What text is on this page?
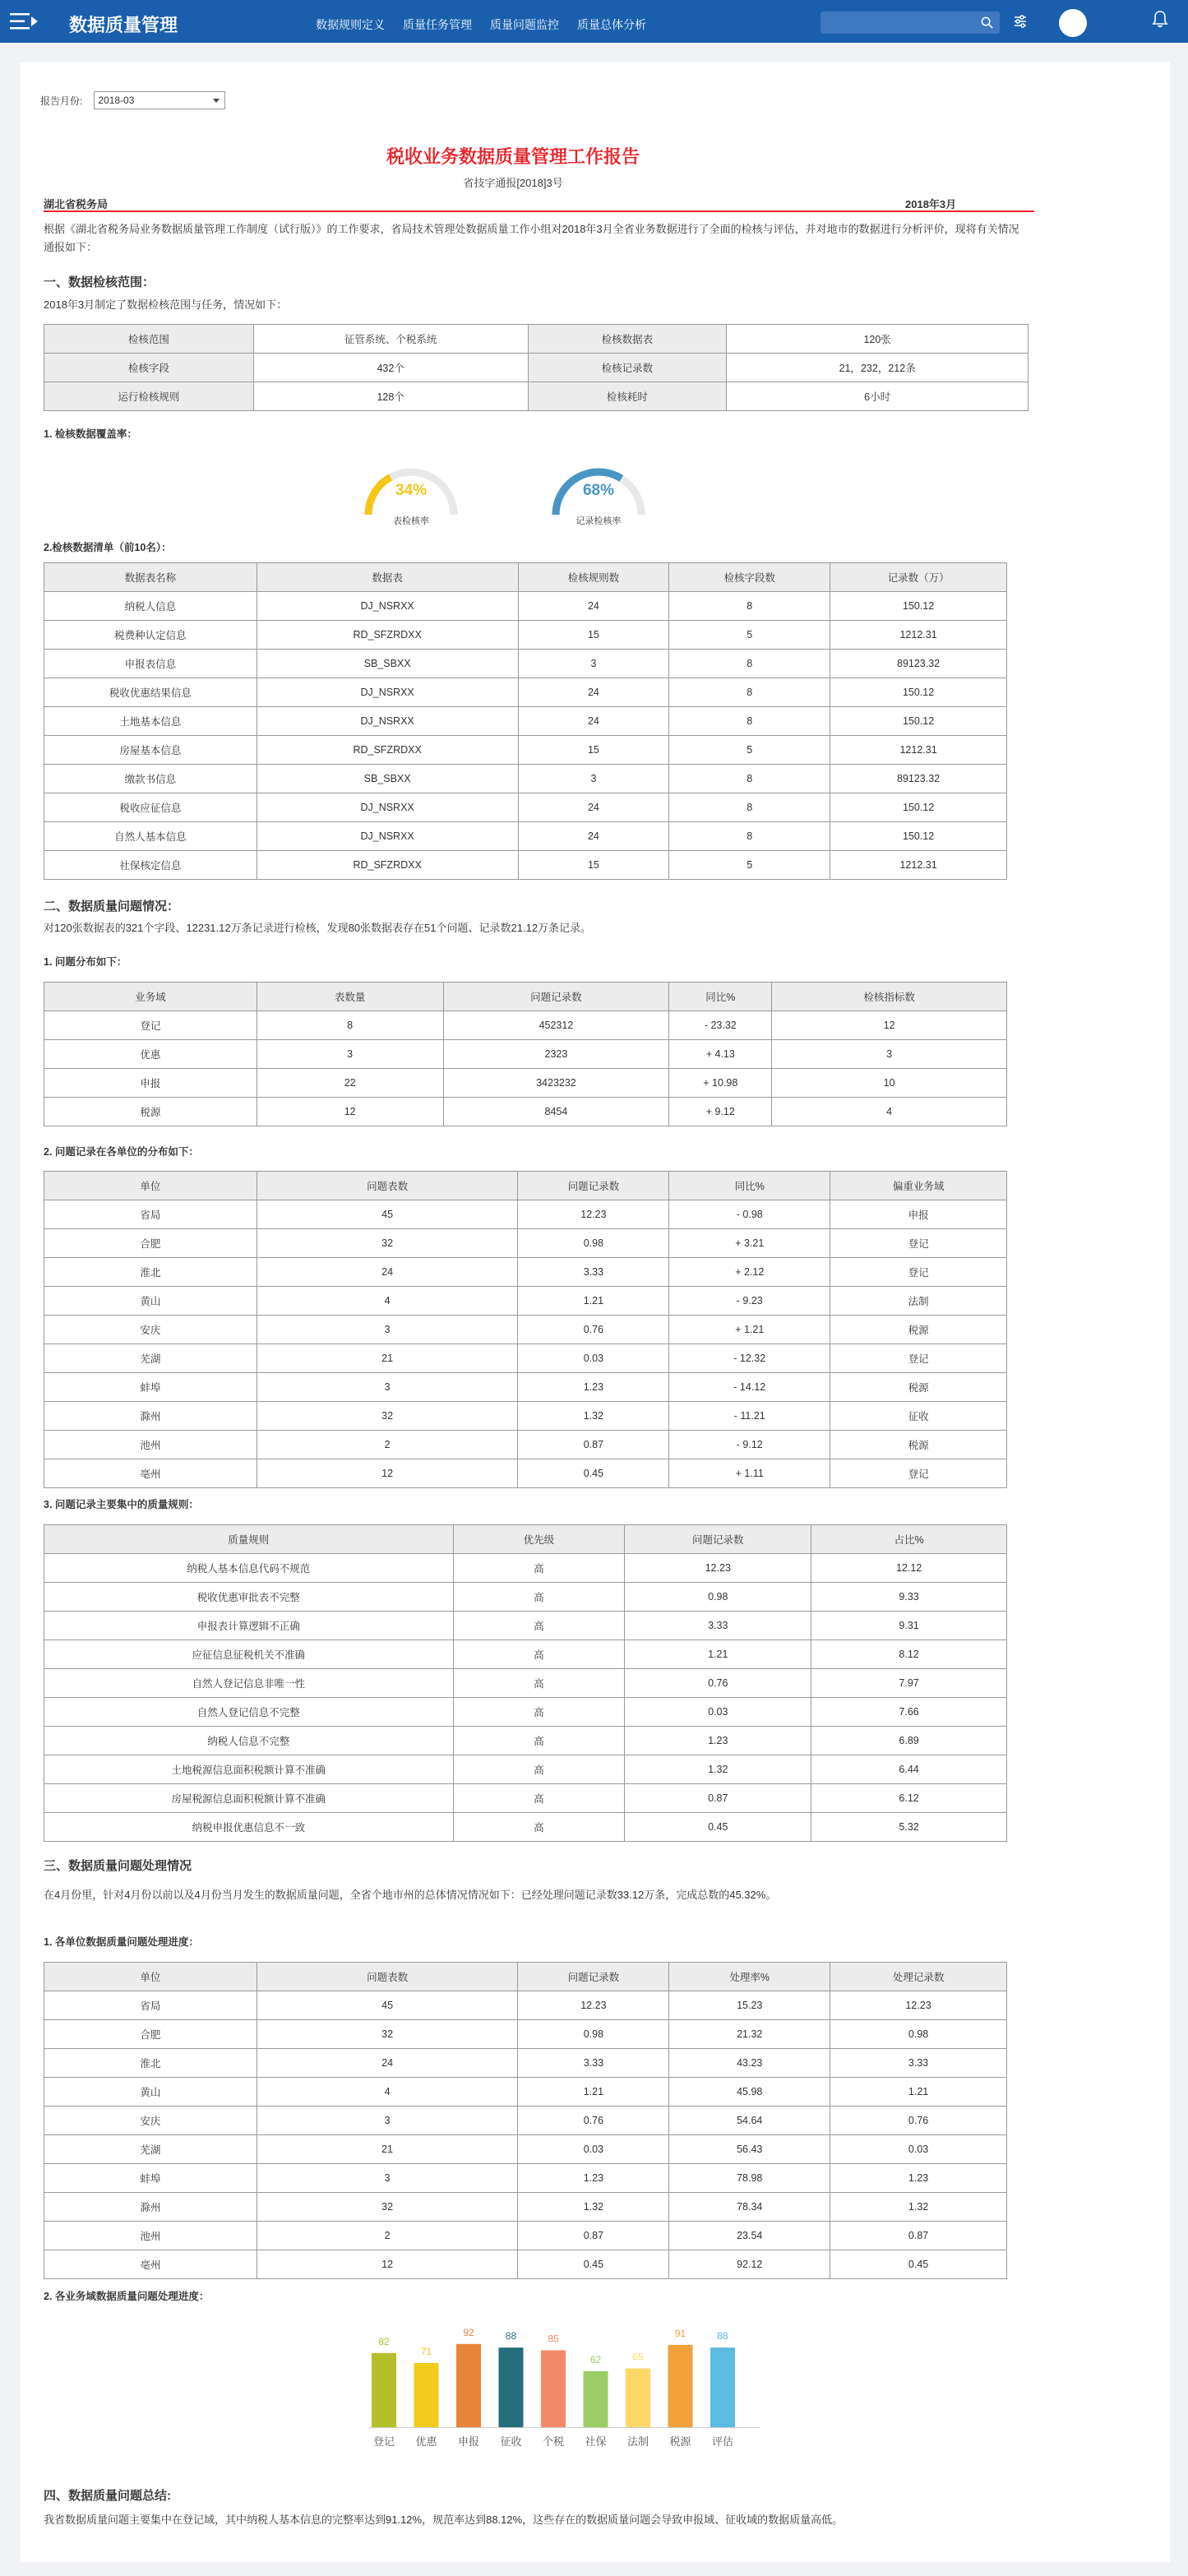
数据质量管理	数据规则定义 质量任务管理 质量问题监控 质量总体分析
报告月份:	2018-03
税收业务数据质量管理工作报告
省技字通报[2018]3号
湖北省税务局	2018年3月
根据《湖北省税务局业务数据质量管理工作制度（试行版）》的工作要求，省局技术管理处数据质量工作小组对2018年3月全省业务数据进行了全面的检核与评估，并对地市的数据进行分析评价，现将有关情况通报如下：
一、数据检核范围：
2018年3月制定了数据检核范围与任务，情况如下：
检核范围	征管系统、个税系统	检核数据表	120张
检核字段	432个	检核记录数	21，232，212条
运行检核规则	128个	检核耗时	6小时
1. 检核数据覆盖率：
34%
表检核率
68%
记录检核率
2.检核数据清单（前10名）：
数据表名称	数据表	检核规则数	检核字段数	记录数（万）
纳税人信息	DJ_NSRXX	24	8	150.12
税费种认定信息	RD_SFZRDXX	15	5	1212.31
申报表信息	SB_SBXX	3	8	89123.32
税收优惠结果信息	DJ_NSRXX	24	8	150.12
土地基本信息	DJ_NSRXX	24	8	150.12
房屋基本信息	RD_SFZRDXX	15	5	1212.31
缴款书信息	SB_SBXX	3	8	89123.32
税收应征信息	DJ_NSRXX	24	8	150.12
自然人基本信息	DJ_NSRXX	24	8	150.12
社保核定信息	RD_SFZRDXX	15	5	1212.31
二、数据质量问题情况：
对120张数据表的321个字段、12231.12万条记录进行检核，发现80张数据表存在51个问题、记录数21.12万条记录。
1. 问题分布如下：
业务域	表数量	问题记录数	同比%	检核指标数
登记	8	452312	- 23.32	12
优惠	3	2323	+ 4.13	3
申报	22	3423232	+ 10.98	10
税源	12	8454	+ 9.12	4
2. 问题记录在各单位的分布如下：
单位	问题表数	问题记录数	同比%	偏重业务域
省局	45	12.23	- 0.98	申报
合肥	32	0.98	+ 3.21	登记
淮北	24	3.33	+ 2.12	登记
黄山	4	1.21	- 9.23	法制
安庆	3	0.76	+ 1.21	税源
芜湖	21	0.03	- 12.32	登记
蚌埠	3	1.23	- 14.12	税源
滁州	32	1.32	- 11.21	征收
池州	2	0.87	- 9.12	税源
亳州	12	0.45	+ 1.11	登记
3. 问题记录主要集中的质量规则：
质量规则	优先级	问题记录数	占比%
纳税人基本信息代码不规范	高	12.23	12.12
税收优惠审批表不完整	高	0.98	9.33
申报表计算逻辑不正确	高	3.33	9.31
应征信息征税机关不准确	高	1.21	8.12
自然人登记信息非唯一性	高	0.76	7.97
自然人登记信息不完整	高	0.03	7.66
纳税人信息不完整	高	1.23	6.89
土地税源信息面积税额计算不准确	高	1.32	6.44
房屋税源信息面积税额计算不准确	高	0.87	6.12
纳税申报优惠信息不一致	高	0.45	5.32
三、数据质量问题处理情况
在4月份里，针对4月份以前以及4月份当月发生的数据质量问题，全省个地市州的总体情况情况如下：已经处理问题记录数33.12万条，完成总数的45.32%。
1. 各单位数据质量问题处理进度：
单位	问题表数	问题记录数	处理率%	处理记录数
省局	45	12.23	15.23	12.23
合肥	32	0.98	21.32	0.98
淮北	24	3.33	43.23	3.33
黄山	4	1.21	45.98	1.21
安庆	3	0.76	54.64	0.76
芜湖	21	0.03	56.43	0.03
蚌埠	3	1.23	78.98	1.23
滁州	32	1.32	78.34	1.32
池州	2	0.87	23.54	0.87
亳州	12	0.45	92.12	0.45
2. 各业务域数据质量问题处理进度：
82
登记
71
优惠
92
申报
88
征收
85
个税
62
社保
65
法制
91
税源
88
评估
四、数据质量问题总结:
我省数据质量问题主要集中在登记域，其中纳税人基本信息的完整率达到91.12%，规范率达到88.12%，这些存在的数据质量问题会导致申报域、征收域的数据质量高低。
